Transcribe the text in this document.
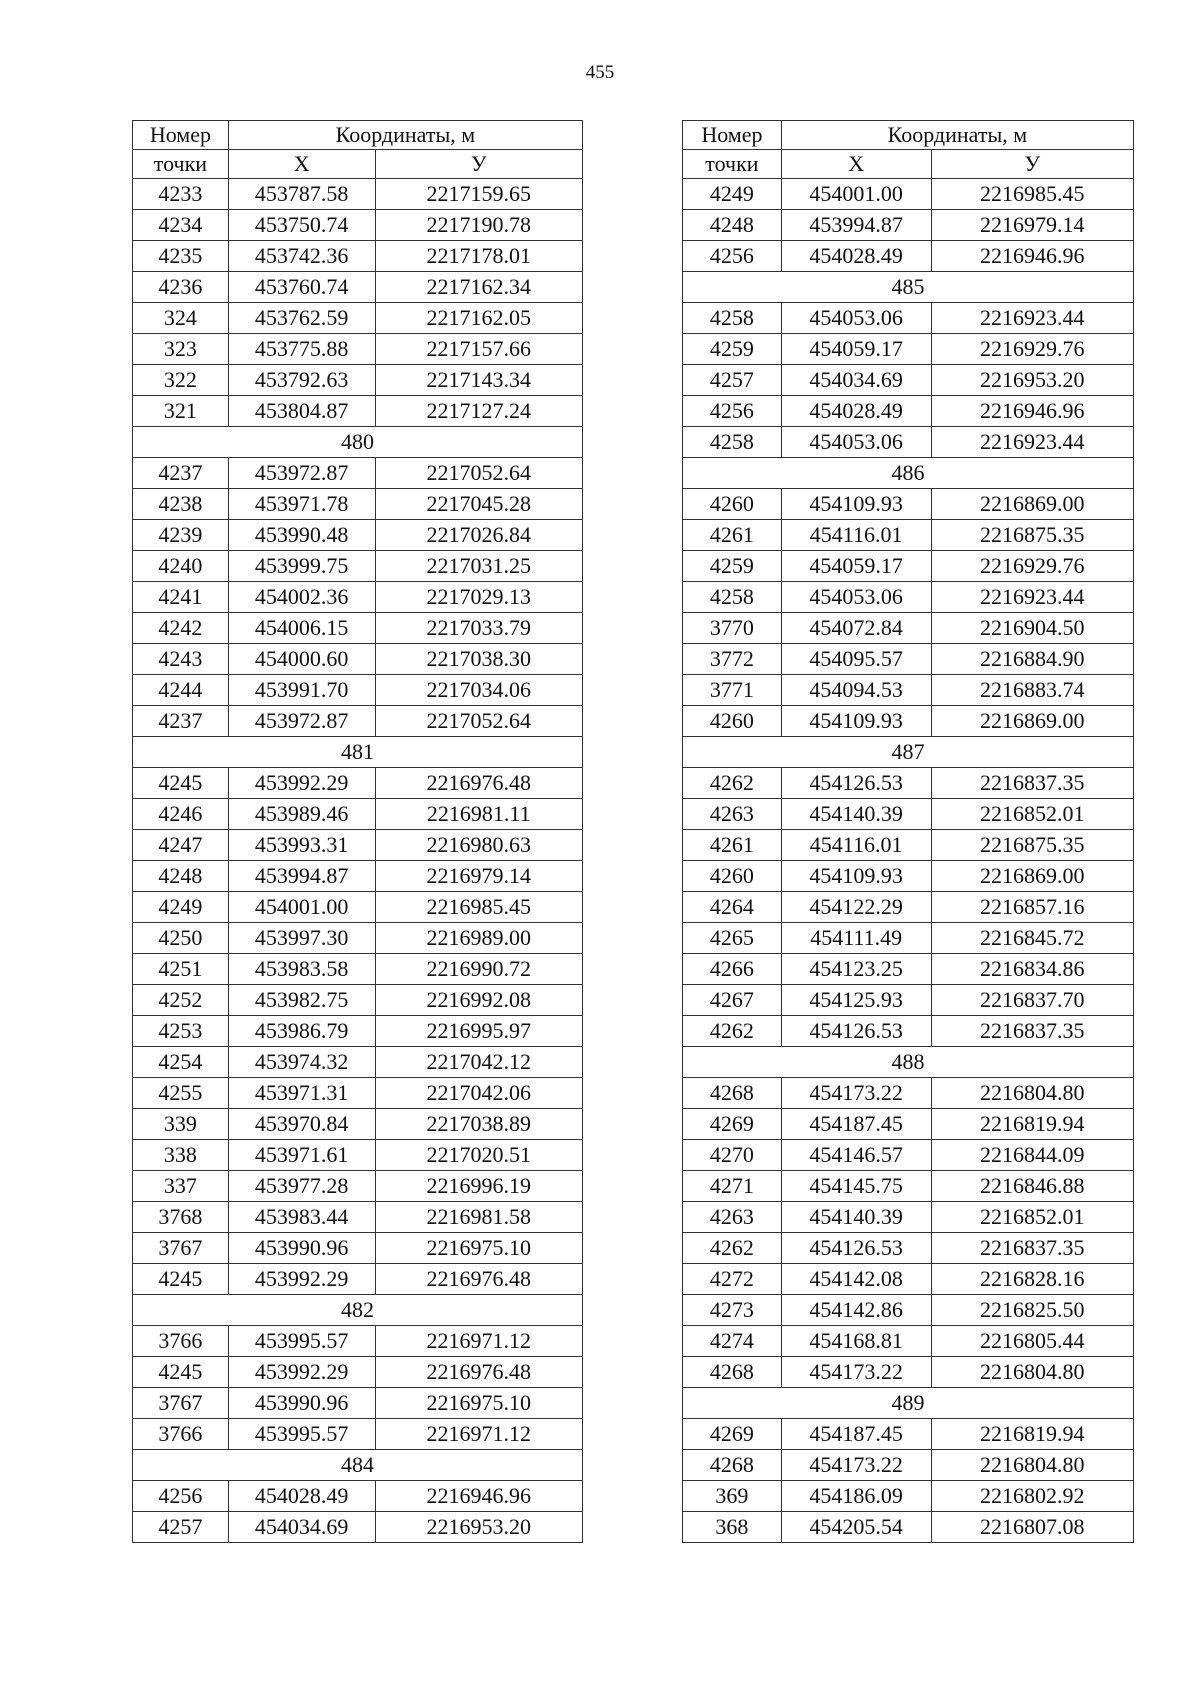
455
Номер	Координаты, м	
точки	X	У
4233	453787.58	2217159.65
4234	453750.74	2217190.78
4235	453742.36	2217178.01
4236	453760.74	2217162.34
324	453762.59	2217162.05
323	453775.88	2217157.66
322	453792.63	2217143.34
321	453804.87	2217127.24
480		
4237	453972.87	2217052.64
4238	453971.78	2217045.28
4239	453990.48	2217026.84
4240	453999.75	2217031.25
4241	454002.36	2217029.13
4242	454006.15	2217033.79
4243	454000.60	2217038.30
4244	453991.70	2217034.06
4237	453972.87	2217052.64
481		
4245	453992.29	2216976.48
4246	453989.46	2216981.11
4247	453993.31	2216980.63
4248	453994.87	2216979.14
4249	454001.00	2216985.45
4250	453997.30	2216989.00
4251	453983.58	2216990.72
4252	453982.75	2216992.08
4253	453986.79	2216995.97
4254	453974.32	2217042.12
4255	453971.31	2217042.06
339	453970.84	2217038.89
338	453971.61	2217020.51
337	453977.28	2216996.19
3768	453983.44	2216981.58
3767	453990.96	2216975.10
4245	453992.29	2216976.48
482		
3766	453995.57	2216971.12
4245	453992.29	2216976.48
3767	453990.96	2216975.10
3766	453995.57	2216971.12
484		
4256	454028.49	2216946.96
4257	454034.69	2216953.20
Номер	Координаты, м	
точки	X	У
4249	454001.00	2216985.45
4248	453994.87	2216979.14
4256	454028.49	2216946.96
485		
4258	454053.06	2216923.44
4259	454059.17	2216929.76
4257	454034.69	2216953.20
4256	454028.49	2216946.96
4258	454053.06	2216923.44
486		
4260	454109.93	2216869.00
4261	454116.01	2216875.35
4259	454059.17	2216929.76
4258	454053.06	2216923.44
3770	454072.84	2216904.50
3772	454095.57	2216884.90
3771	454094.53	2216883.74
4260	454109.93	2216869.00
487		
4262	454126.53	2216837.35
4263	454140.39	2216852.01
4261	454116.01	2216875.35
4260	454109.93	2216869.00
4264	454122.29	2216857.16
4265	454111.49	2216845.72
4266	454123.25	2216834.86
4267	454125.93	2216837.70
4262	454126.53	2216837.35
488		
4268	454173.22	2216804.80
4269	454187.45	2216819.94
4270	454146.57	2216844.09
4271	454145.75	2216846.88
4263	454140.39	2216852.01
4262	454126.53	2216837.35
4272	454142.08	2216828.16
4273	454142.86	2216825.50
4274	454168.81	2216805.44
4268	454173.22	2216804.80
489		
4269	454187.45	2216819.94
4268	454173.22	2216804.80
369	454186.09	2216802.92
368	454205.54	2216807.08
